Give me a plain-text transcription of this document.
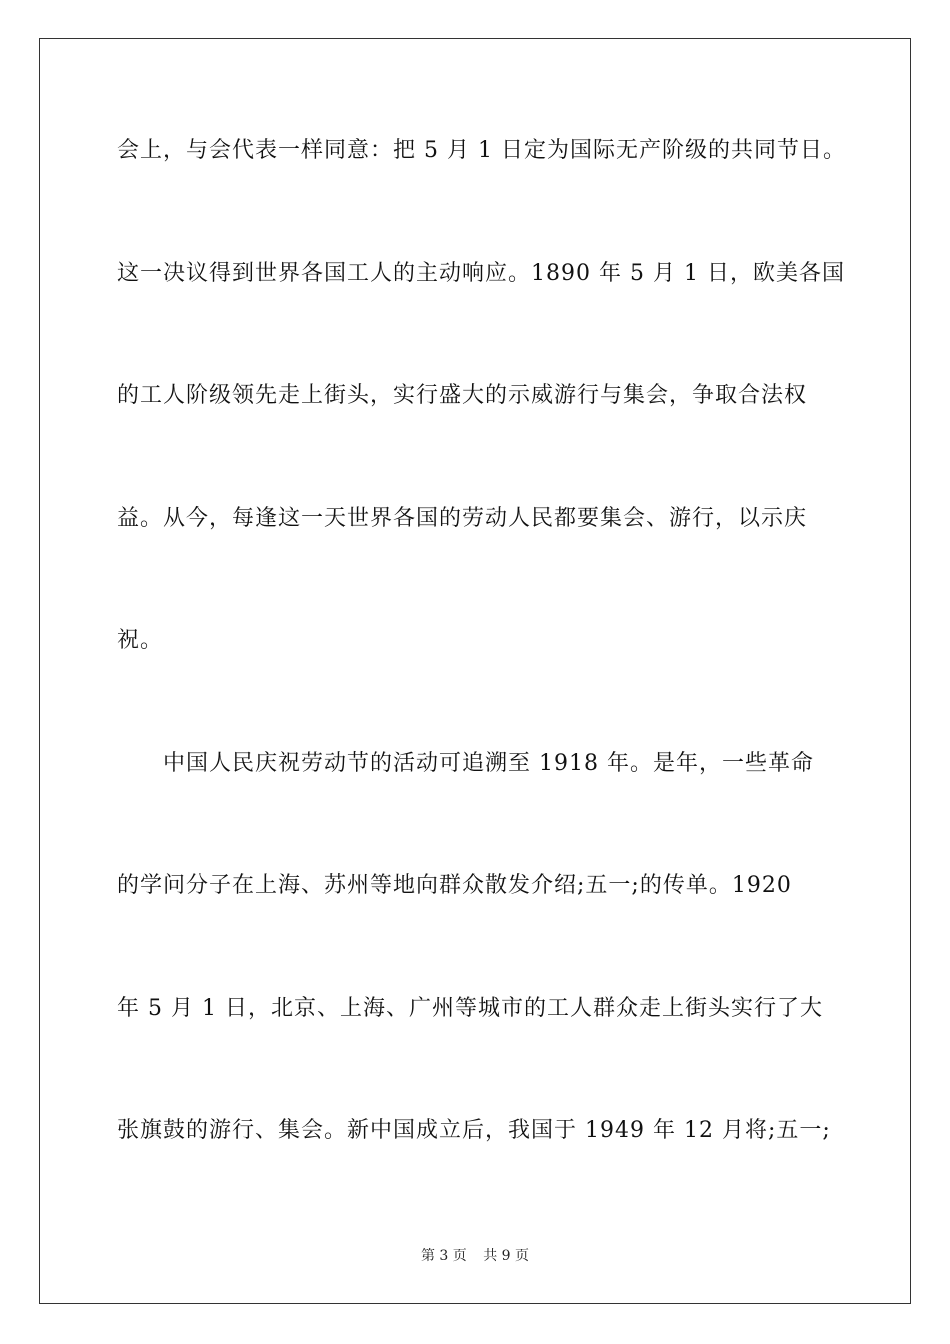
会上，与会代表一样同意：把 5 月 1 日定为国际无产阶级的共同节日。
这一决议得到世界各国工人的主动响应。1890 年 5 月 1 日，欧美各国
的工人阶级领先走上街头，实行盛大的示威游行与集会，争取合法权
益。从今，每逢这一天世界各国的劳动人民都要集会、游行，以示庆
祝。
中国人民庆祝劳动节的活动可追溯至 1918 年。是年，一些革命
的学问分子在上海、苏州等地向群众散发介绍;五一;的传单。1920
年 5 月 1 日，北京、上海、广州等城市的工人群众走上街头实行了大
张旗鼓的游行、集会。新中国成立后，我国于 1949 年 12 月将;五一;
第 3 页 共 9 页
